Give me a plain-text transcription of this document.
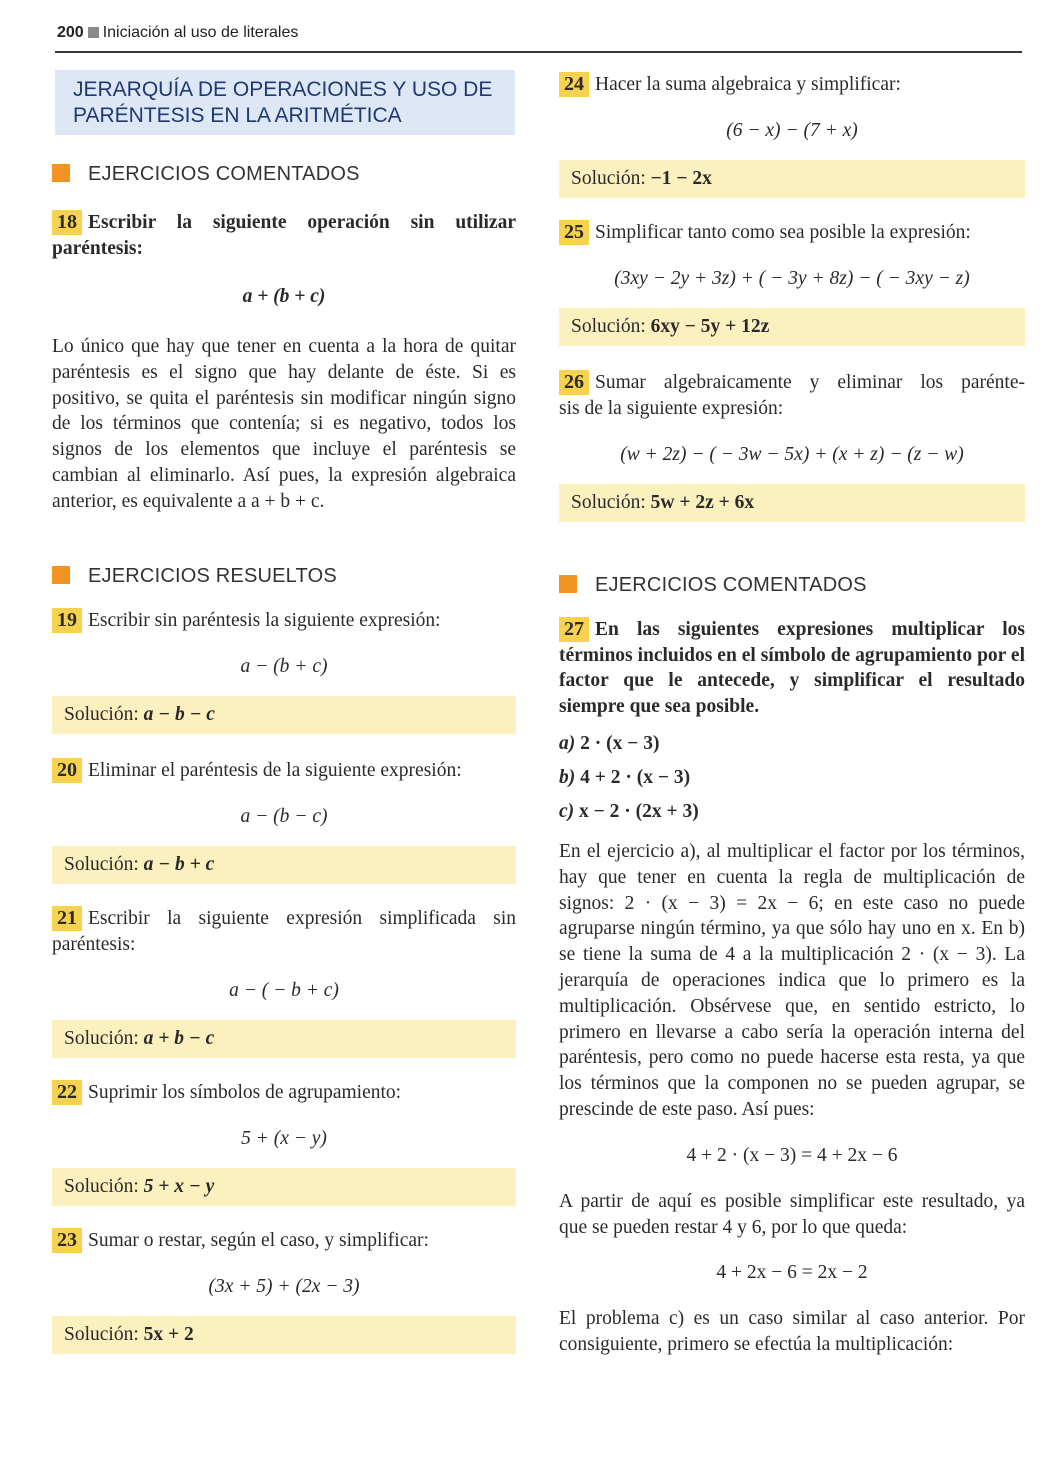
200 Iniciación al uso de literales
JERARQUÍA DE OPERACIONES Y USO DE
PARÉNTESIS EN LA ARITMÉTICA
EJERCICIOS COMENTADOS
18 Escribir la siguiente operación sin utilizar
paréntesis:
a + (b + c)

Lo único que hay que tener en cuenta a la hora de quitar paréntesis es el signo que hay delante de éste. Si es positivo, se quita el paréntesis sin modificar ningún signo de los términos que contenía; si es negativo, todos los signos de los elementos que incluye el paréntesis se cambian al eliminarlo. Así pues, la expresión algebraica anterior, es equivalente a a + b + c.

EJERCICIOS RESUELTOS
19 Escribir sin paréntesis la siguiente expresión:
a − (b + c)
Solución: a − b − c
20 Eliminar el paréntesis de la siguiente expresión:
a − (b − c)
Solución: a − b + c
21 Escribir la siguiente expresión simplificada sin
paréntesis:
a − ( − b + c)
Solución: a + b − c
22 Suprimir los símbolos de agrupamiento:
5 + (x − y)
Solución: 5 + x − y
23 Sumar o restar, según el caso, y simplificar:
(3x + 5) + (2x − 3)
Solución: 5x + 2
24 Hacer la suma algebraica y simplificar:
(6 − x) − (7 + x)
Solución: −1 − 2x
25 Simplificar tanto como sea posible la expresión:
(3xy − 2y + 3z) + ( − 3y + 8z) − ( − 3xy − z)
Solución: 6xy − 5y + 12z
26 Sumar algebraicamente y eliminar los parénte-
sis de la siguiente expresión:
(w + 2z) − ( − 3w − 5x) + (x + z) − (z − w)
Solución: 5w + 2z + 6x
EJERCICIOS COMENTADOS

27 En las siguientes expresiones multiplicar los términos incluidos en el símbolo de agrupamiento por el factor que le antecede, y simplificar el resultado siempre que sea posible.

a) 2 · (x − 3)
b) 4 + 2 · (x − 3)
c) x − 2 · (2x + 3)

En el ejercicio a), al multiplicar el factor por los términos, hay que tener en cuenta la regla de multiplicación de signos: 2 · (x − 3) = 2x − 6; en este caso no puede agruparse ningún término, ya que sólo hay uno en x. En b) se tiene la suma de 4 a la multiplicación 2 · (x − 3). La jerarquía de operaciones indica que lo primero es la multiplicación. Obsérvese que, en sentido estricto, lo primero en llevarse a cabo sería la operación interna del paréntesis, pero como no puede hacerse esta resta, ya que los términos que la componen no se pueden agrupar, se prescinde de este paso. Así pues:

4 + 2 · (x − 3) = 4 + 2x − 6

A partir de aquí es posible simplificar este resultado, ya que se pueden restar 4 y 6, por lo que queda:

4 + 2x − 6 = 2x − 2

El problema c) es un caso similar al caso anterior. Por consiguiente, primero se efectúa la multiplicación:
